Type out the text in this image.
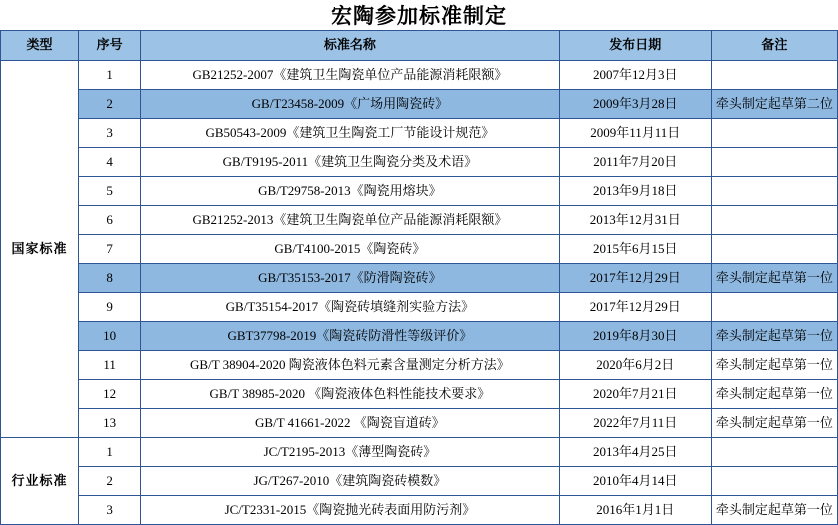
宏陶参加标准制定
类型	序号	标准名称	发布日期	备注
国家标准	1	GB21252-2007《建筑卫生陶瓷单位产品能源消耗限额》	2007年12月3日	
	2	GB/T23458-2009《广场用陶瓷砖》	2009年3月28日	牵头制定起草第二位
	3	GB50543-2009《建筑卫生陶瓷工厂节能设计规范》	2009年11月11日	
	4	GB/T9195-2011《建筑卫生陶瓷分类及术语》	2011年7月20日	
	5	GB/T29758-2013《陶瓷用熔块》	2013年9月18日	
	6	GB21252-2013《建筑卫生陶瓷单位产品能源消耗限额》	2013年12月31日	
	7	GB/T4100-2015《陶瓷砖》	2015年6月15日	
	8	GB/T35153-2017《防滑陶瓷砖》	2017年12月29日	牵头制定起草第一位
	9	GB/T35154-2017《陶瓷砖填缝剂实验方法》	2017年12月29日	
	10	GBT37798-2019《陶瓷砖防滑性等级评价》	2019年8月30日	牵头制定起草第一位
	11	GB/T 38904-2020 陶瓷液体色料元素含量测定分析方法》	2020年6月2日	牵头制定起草第一位
	12	GB/T 38985-2020 《陶瓷液体色料性能技术要求》	2020年7月21日	牵头制定起草第一位
	13	GB/T 41661-2022 《陶瓷盲道砖》	2022年7月11日	牵头制定起草第一位
行业标准	1	JC/T2195-2013《薄型陶瓷砖》	2013年4月25日	
	2	JG/T267-2010《建筑陶瓷砖模数》	2010年4月14日	
	3	JC/T2331-2015《陶瓷抛光砖表面用防污剂》	2016年1月1日	牵头制定起草第一位
